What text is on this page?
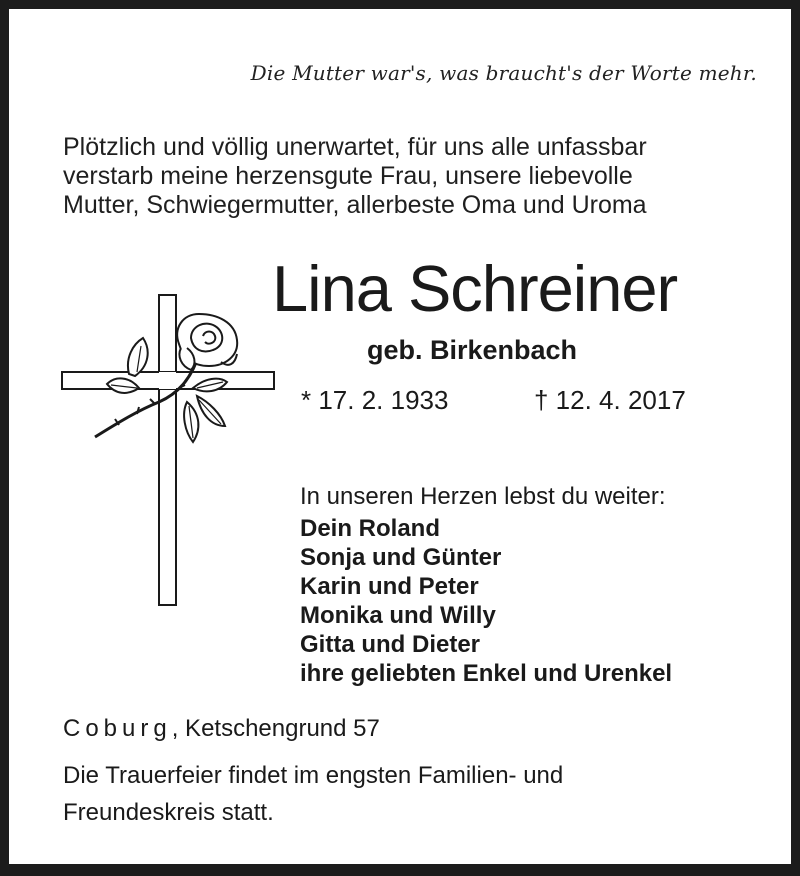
Die Mutter war's, was braucht's der Worte mehr.
Plötzlich und völlig unerwartet, für uns alle unfassbar
verstarb meine herzensgute Frau, unsere liebevolle
Mutter, Schwiegermutter, allerbeste Oma und Uroma
Lina Schreiner
geb. Birkenbach
* 17. 2. 1933	† 12. 4. 2017
In unseren Herzen lebst du weiter:
Dein Roland
Sonja und Günter
Karin und Peter
Monika und Willy
Gitta und Dieter
ihre geliebten Enkel und Urenkel
Coburg, Ketschengrund 57
Die Trauerfeier findet im engsten Familien- und
Freundeskreis statt.
